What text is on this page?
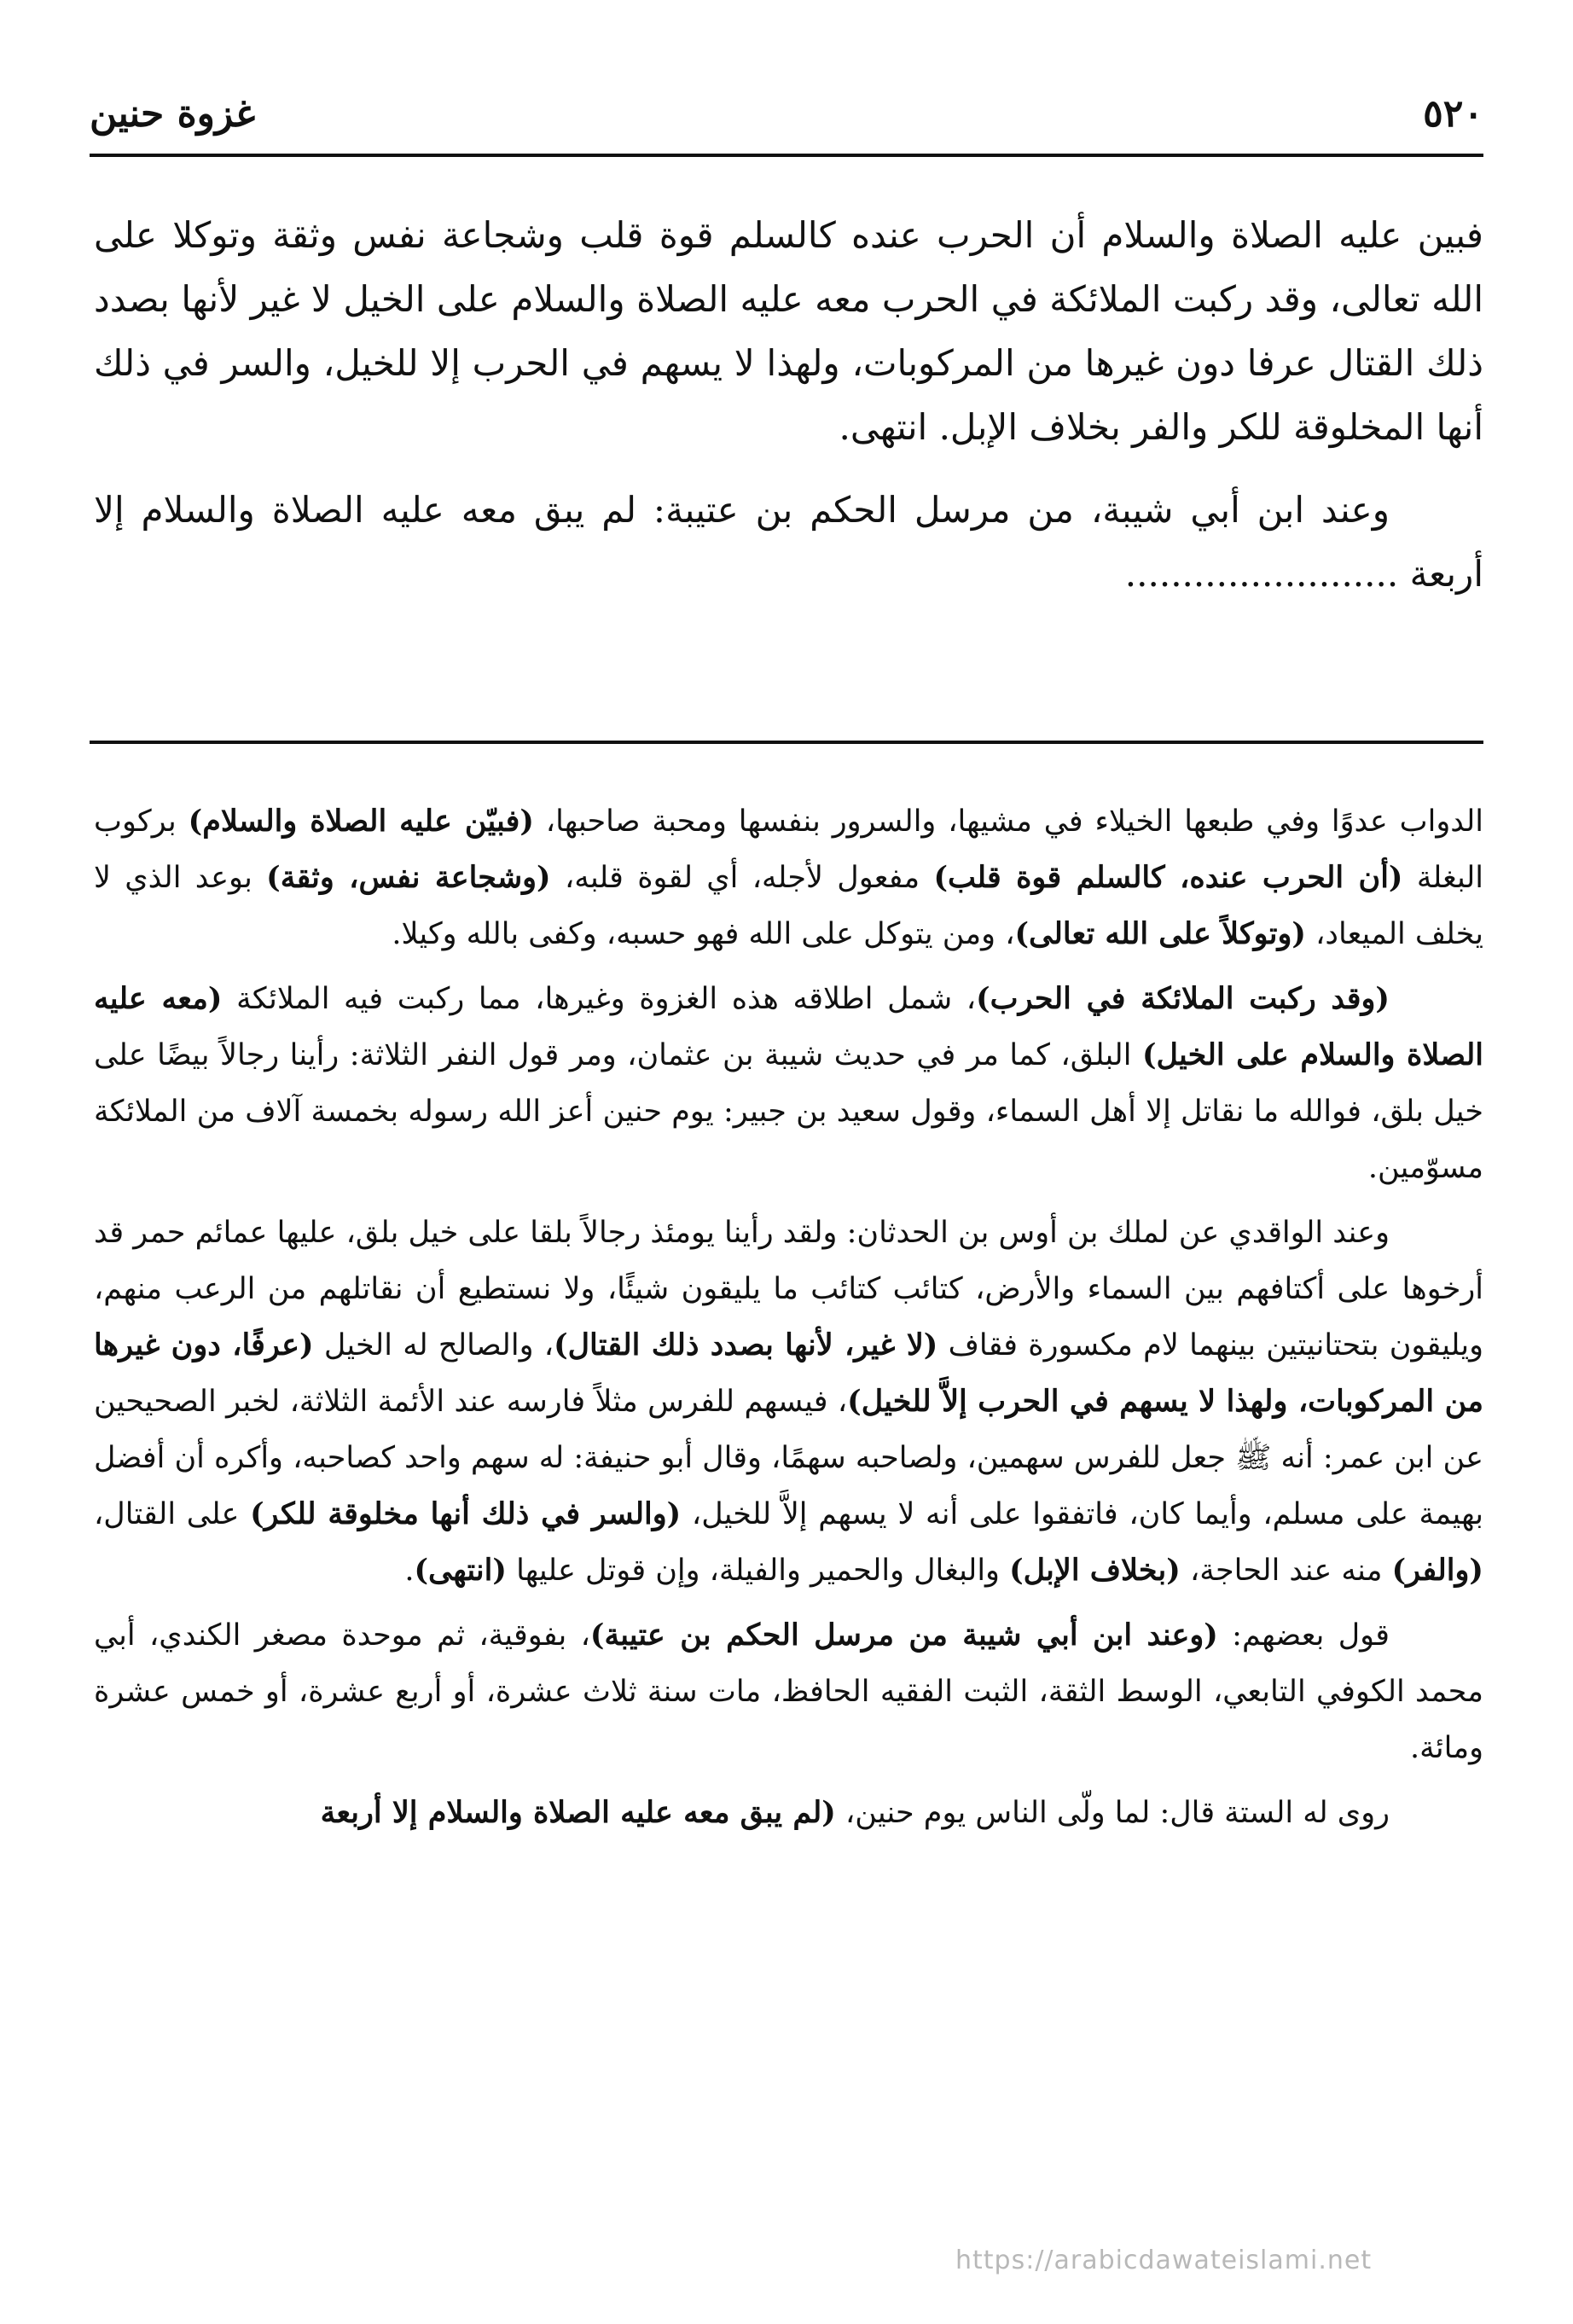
٥٢٠
غزوة حنين

فبين عليه الصلاة والسلام أن الحرب عنده كالسلم قوة قلب وشجاعة نفس وثقة وتوكلا على الله تعالى، وقد ركبت الملائكة في الحرب معه عليه الصلاة والسلام على الخيل لا غير لأنها بصدد ذلك القتال عرفا دون غيرها من المركوبات، ولهذا لا يسهم في الحرب إلا للخيل، والسر في ذلك أنها المخلوقة للكر والفر بخلاف الإبل. انتهى.

وعند ابن أبي شيبة، من مرسل الحكم بن عتيبة: لم يبق معه عليه الصلاة والسلام إلا أربعة ........................

الدواب عدوًا وفي طبعها الخيلاء في مشيها، والسرور بنفسها ومحبة صاحبها، (فبيّن عليه الصلاة والسلام) بركوب البغلة (أن الحرب عنده، كالسلم قوة قلب) مفعول لأجله، أي لقوة قلبه، (وشجاعة نفس، وثقة) بوعد الذي لا يخلف الميعاد، (وتوكلاً على الله تعالى)، ومن يتوكل على الله فهو حسبه، وكفى بالله وكيلا.

(وقد ركبت الملائكة في الحرب)، شمل اطلاقه هذه الغزوة وغيرها، مما ركبت فيه الملائكة (معه عليه الصلاة والسلام على الخيل) البلق، كما مر في حديث شيبة بن عثمان، ومر قول النفر الثلاثة: رأينا رجالاً بيضًا على خيل بلق، فوالله ما نقاتل إلا أهل السماء، وقول سعيد بن جبير: يوم حنين أعز الله رسوله بخمسة آلاف من الملائكة مسوّمين.

وعند الواقدي عن لملك بن أوس بن الحدثان: ولقد رأينا يومئذ رجالاً بلقا على خيل بلق، عليها عمائم حمر قد أرخوها على أكتافهم بين السماء والأرض، كتائب كتائب ما يليقون شيئًا، ولا نستطيع أن نقاتلهم من الرعب منهم، ويليقون بتحتانيتين بينهما لام مكسورة فقاف (لا غير، لأنها بصدد ذلك القتال)، والصالح له الخيل (عرفًا، دون غيرها من المركوبات، ولهذا لا يسهم في الحرب إلاَّ للخيل)، فيسهم للفرس مثلاً فارسه عند الأئمة الثلاثة، لخبر الصحيحين عن ابن عمر: أنه ﷺ جعل للفرس سهمين، ولصاحبه سهمًا، وقال أبو حنيفة: له سهم واحد كصاحبه، وأكره أن أفضل بهيمة على مسلم، وأيما كان، فاتفقوا على أنه لا يسهم إلاَّ للخيل، (والسر في ذلك أنها مخلوقة للكر) على القتال، (والفر) منه عند الحاجة، (بخلاف الإبل) والبغال والحمير والفيلة، وإن قوتل عليها (انتهى).

قول بعضهم: (وعند ابن أبي شيبة من مرسل الحكم بن عتيبة)، بفوقية، ثم موحدة مصغر الكندي، أبي محمد الكوفي التابعي، الوسط الثقة، الثبت الفقيه الحافظ، مات سنة ثلاث عشرة، أو أربع عشرة، أو خمس عشرة ومائة.

روى له الستة قال: لما ولّى الناس يوم حنين، (لم يبق معه عليه الصلاة والسلام إلا أربعة

https://arabicdawateislami.net
